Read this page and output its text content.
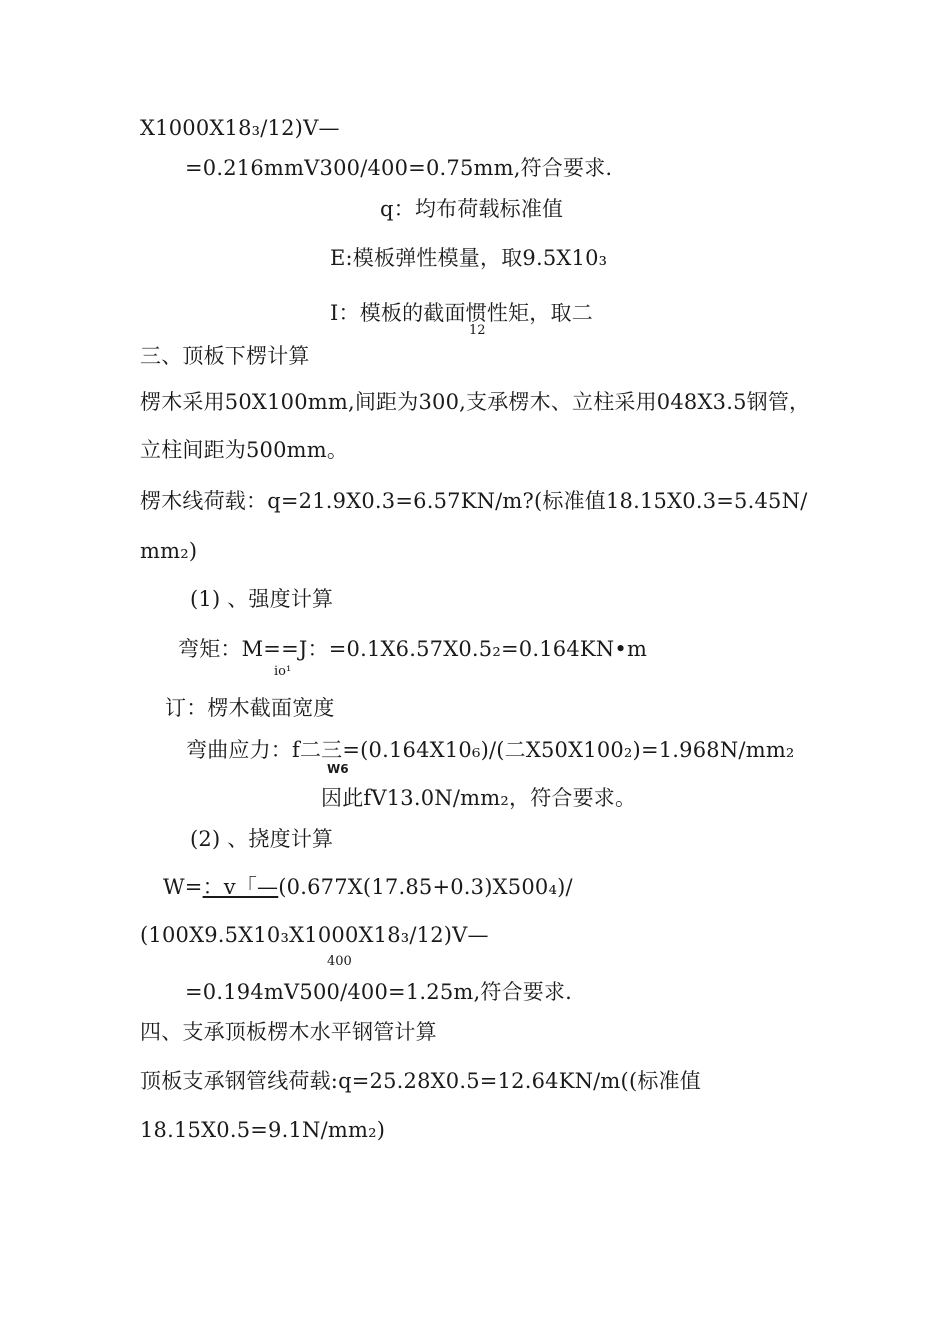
X1000X18₃/12)V—
=0.216mmV300/400=0.75mm,符合要求.
q：均布荷载标准值
E:模板弹性模量，取9.5X10₃
I：模板的截面惯性矩，取二
12
三、顶板下楞计算
楞木采用50X100mm,间距为300,支承楞木、立柱采用048X3.5钢管，
立柱间距为500mm。
楞木线荷载：q=21.9X0.3=6.57KN/m?(标准值18.15X0.3=5.45N/
mm₂)
(1) 、强度计算
弯矩：M==J：=0.1X6.57X0.5₂=0.164KN•m
io¹
订：楞木截面宽度
弯曲应力：f二三=(0.164X10₆)/(二X50X100₂)=1.968N/mm₂
W6
因此fV13.0N/mm₂，符合要求。
(2) 、挠度计算
W=：v「—(0.677X(17.85+0.3)X500₄)/
(100X9.5X10₃X1000X18₃/12)V—
400
=0.194mV500/400=1.25m,符合要求.
四、支承顶板楞木水平钢管计算
顶板支承钢管线荷载:q=25.28X0.5=12.64KN/m((标准值
18.15X0.5=9.1N/mm₂)
